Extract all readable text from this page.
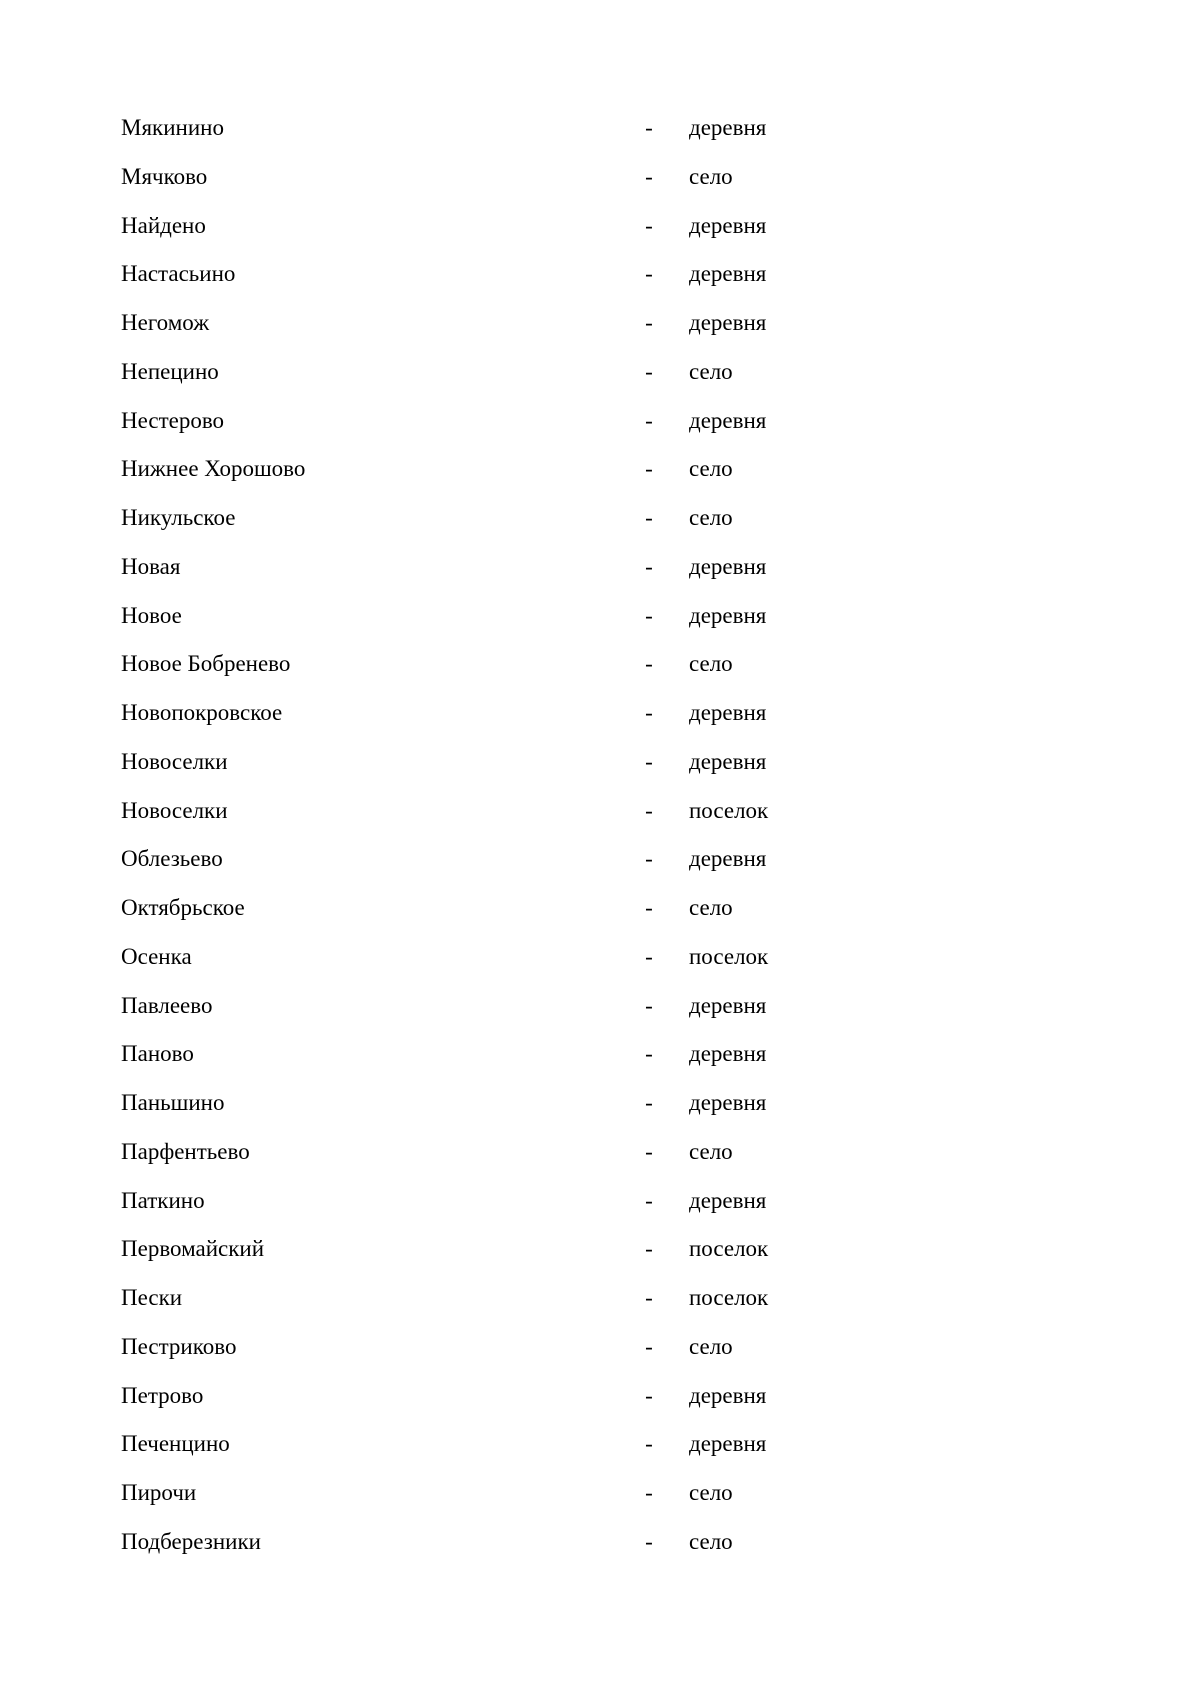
Мякинино	- деревня
Мячково	- село
Найдено	- деревня
Настасьино	- деревня
Негомож	- деревня
Непецино	- село
Нестерово	- деревня
Нижнее Хорошово	- село
Никульское	- село
Новая	- деревня
Новое	- деревня
Новое Бобренево	- село
Новопокровское	- деревня
Новоселки	- деревня
Новоселки	- поселок
Облезьево	- деревня
Октябрьское	- село
Осенка	- поселок
Павлеево	- деревня
Паново	- деревня
Паньшино	- деревня
Парфентьево	- село
Паткино	- деревня
Первомайский	- поселок
Пески	- поселок
Пестриково	- село
Петрово	- деревня
Печенцино	- деревня
Пирочи	- село
Подберезники	- село
